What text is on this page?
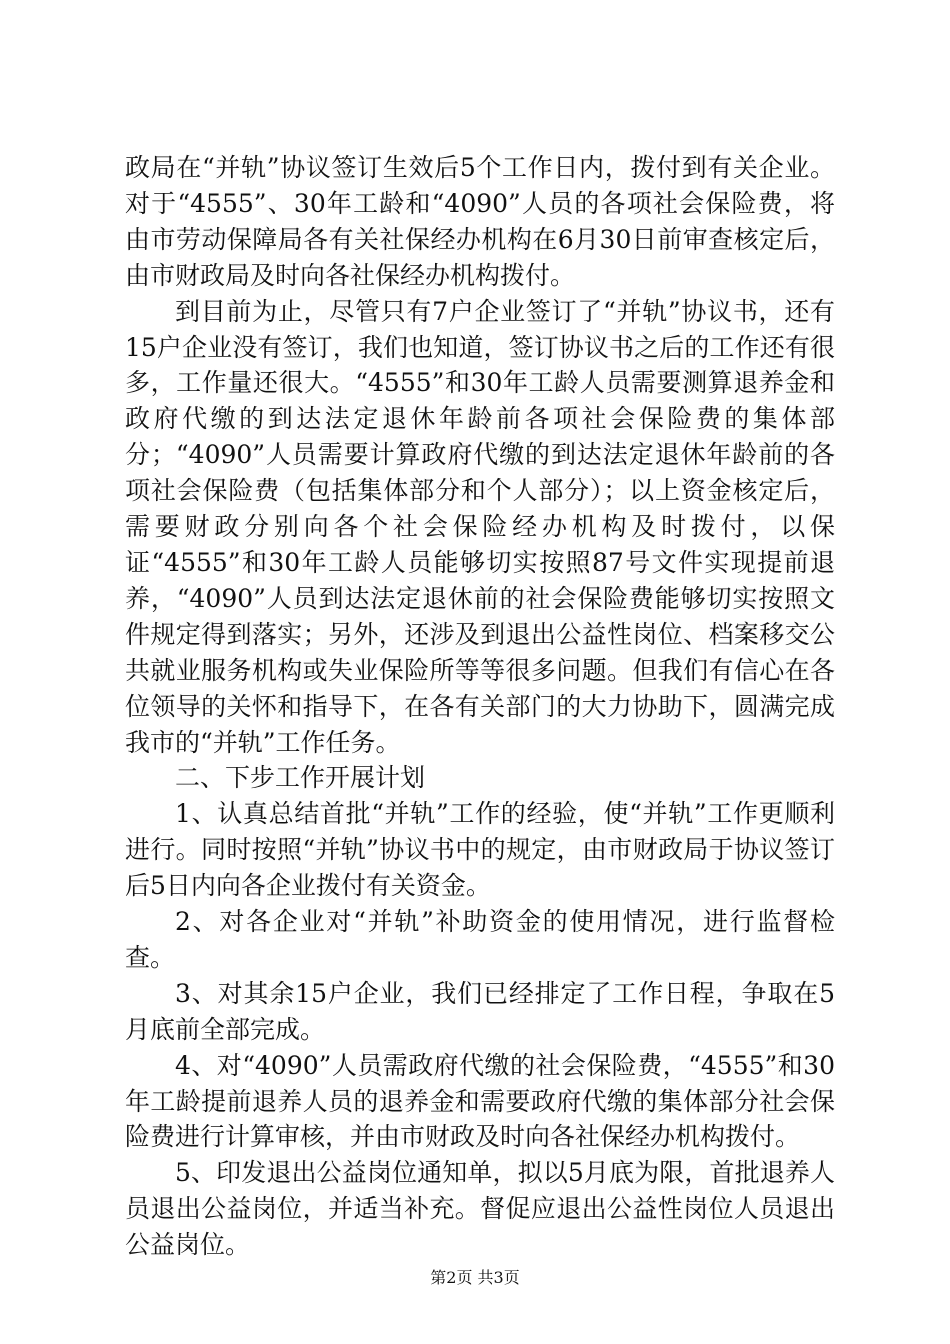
政局在“并轨”协议签订生效后5个工作日内，拨付到有关企业。对于“4555”、30年工龄和“4090”人员的各项社会保险费，将由市劳动保障局各有关社保经办机构在6月30日前审查核定后，由市财政局及时向各社保经办机构拨付。

到目前为止，尽管只有7户企业签订了“并轨”协议书，还有15户企业没有签订，我们也知道，签订协议书之后的工作还有很多，工作量还很大。“4555”和30年工龄人员需要测算退养金和政府代缴的到达法定退休年龄前各项社会保险费的集体部分；“4090”人员需要计算政府代缴的到达法定退休年龄前的各项社会保险费（包括集体部分和个人部分）；以上资金核定后，需要财政分别向各个社会保险经办机构及时拨付，以保证“4555”和30年工龄人员能够切实按照87号文件实现提前退养，“4090”人员到达法定退休前的社会保险费能够切实按照文件规定得到落实；另外，还涉及到退出公益性岗位、档案移交公共就业服务机构或失业保险所等等很多问题。但我们有信心在各位领导的关怀和指导下，在各有关部门的大力协助下，圆满完成我市的“并轨”工作任务。

二、下步工作开展计划

1、认真总结首批“并轨”工作的经验，使“并轨”工作更顺利进行。同时按照“并轨”协议书中的规定，由市财政局于协议签订后5日内向各企业拨付有关资金。

2、对各企业对“并轨”补助资金的使用情况，进行监督检查。

3、对其余15户企业，我们已经排定了工作日程，争取在5月底前全部完成。

4、对“4090”人员需政府代缴的社会保险费，“4555”和30年工龄提前退养人员的退养金和需要政府代缴的集体部分社会保险费进行计算审核，并由市财政及时向各社保经办机构拨付。

5、印发退出公益岗位通知单，拟以5月底为限，首批退养人员退出公益岗位，并适当补充。督促应退出公益性岗位人员退出公益岗位。

第2页 共3页
